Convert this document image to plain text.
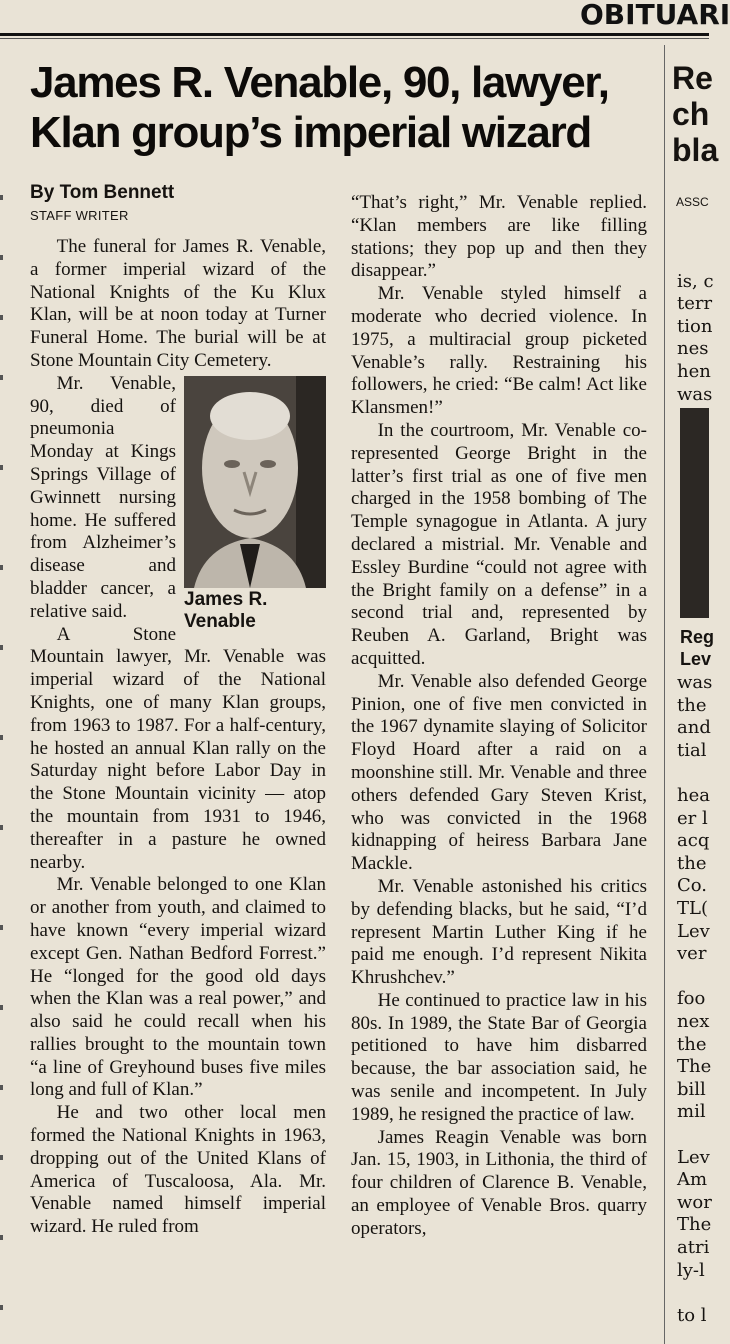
OBITUARI
James R. Venable, 90, lawyer, Klan group’s imperial wizard
By Tom Bennett
STAFF WRITER

The funeral for James R. Venable, a former imperial wizard of the National Knights of the Ku Klux Klan, will be at noon today at Turner Funeral Home. The burial will be at Stone Mountain City Cemetery.

James R. Venable

Mr. Venable, 90, died of pneumonia Monday at Kings Springs Village of Gwinnett nursing home. He suffered from Alzheimer’s disease and bladder cancer, a relative said.

A Stone Mountain lawyer, Mr. Venable was imperial wizard of the National Knights, one of many Klan groups, from 1963 to 1987. For a half-century, he hosted an annual Klan rally on the Saturday night before Labor Day in the Stone Mountain vicinity — atop the mountain from 1931 to 1946, thereafter in a pasture he owned nearby.

Mr. Venable belonged to one Klan or another from youth, and claimed to have known “every imperial wizard except Gen. Nathan Bedford Forrest.” He “longed for the good old days when the Klan was a real power,” and also said he could recall when his rallies brought to the mountain town “a line of Greyhound buses five miles long and full of Klan.”

He and two other local men formed the National Knights in 1963, dropping out of the United Klans of America of Tuscaloosa, Ala. Mr. Venable named himself imperial wizard. He ruled from

“That’s right,” Mr. Venable replied. “Klan members are like filling stations; they pop up and then they disappear.”

Mr. Venable styled himself a moderate who decried violence. In 1975, a multiracial group picketed Venable’s rally. Restraining his followers, he cried: “Be calm! Act like Klansmen!”

In the courtroom, Mr. Venable co-represented George Bright in the latter’s first trial as one of five men charged in the 1958 bombing of The Temple synagogue in Atlanta. A jury declared a mistrial. Mr. Venable and Essley Burdine “could not agree with the Bright family on a defense” in a second trial and, represented by Reuben A. Garland, Bright was acquitted.

Mr. Venable also defended George Pinion, one of five men convicted in the 1967 dynamite slaying of Solicitor Floyd Hoard after a raid on a moonshine still. Mr. Venable and three others defended Gary Steven Krist, who was convicted in the 1968 kidnapping of heiress Barbara Jane Mackle.

Mr. Venable astonished his critics by defending blacks, but he said, “I’d represent Martin Luther King if he paid me enough. I’d represent Nikita Khrushchev.”

He continued to practice law in his 80s. In 1989, the State Bar of Georgia petitioned to have him disbarred because, the bar association said, he was senile and incompetent. In July 1989, he resigned the practice of law.

James Reagin Venable was born Jan. 15, 1903, in Lithonia, the third of four children of Clarence B. Venable, an employee of Venable Bros. quarry operators,

Re
ch
bla
ASSC
is, c
terr
tion
nes
hen
was
Reg
Lev
was
the
and
tial
hea
er l
acq
the
Co.
TL(
Lev
ver
foo
nex
the
The
bill
mil
Lev
Am
wor
The
atri
ly-l
to l
